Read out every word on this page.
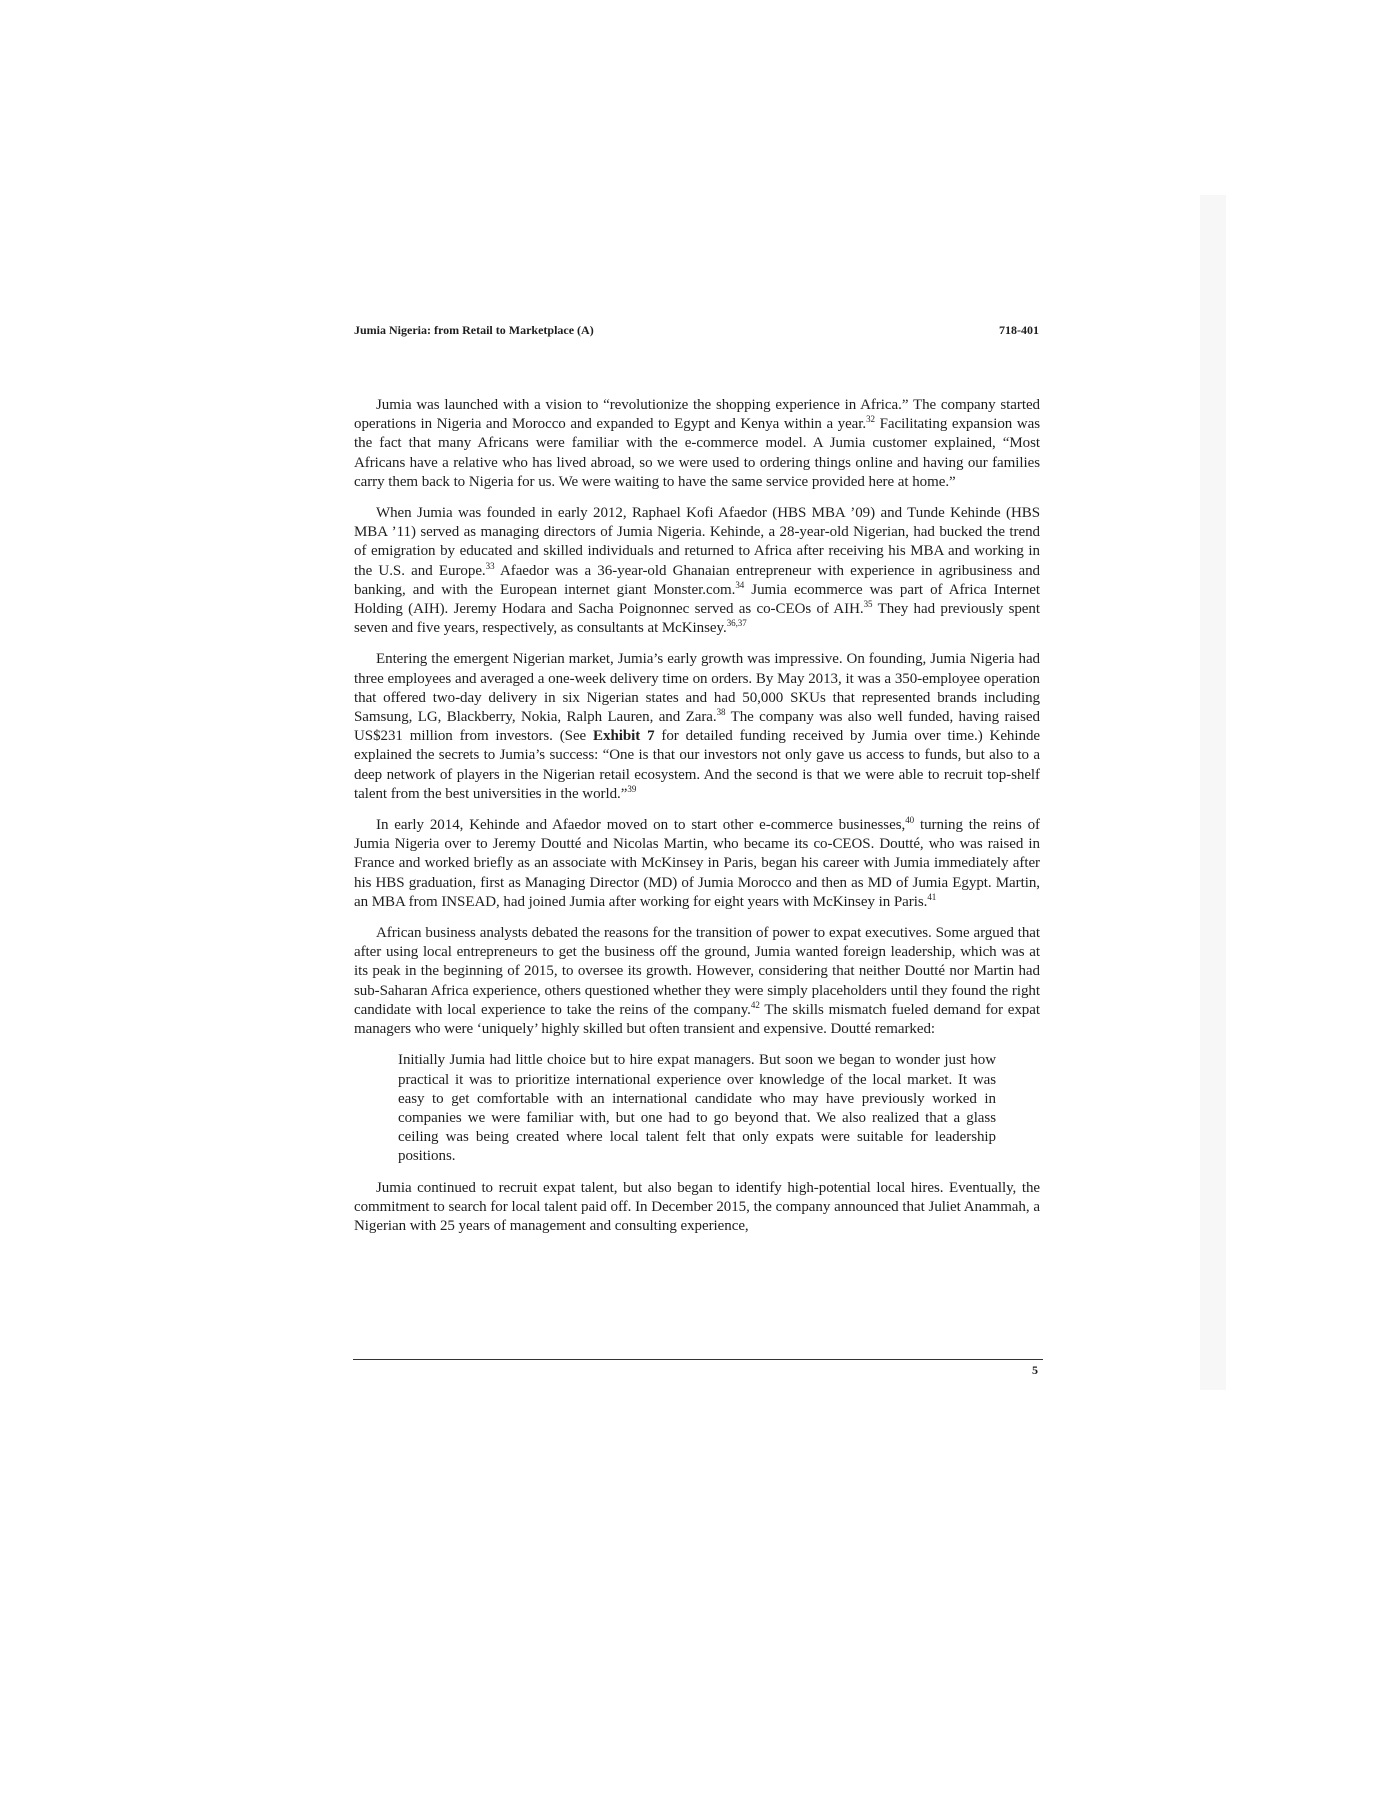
Jumia Nigeria: from Retail to Marketplace (A)	718-401

Jumia was launched with a vision to “revolutionize the shopping experience in Africa.” The company started operations in Nigeria and Morocco and expanded to Egypt and Kenya within a year.$^{32}$ Facilitating expansion was the fact that many Africans were familiar with the e-commerce model. A Jumia customer explained, “Most Africans have a relative who has lived abroad, so we were used to ordering things online and having our families carry them back to Nigeria for us. We were waiting to have the same service provided here at home.”

When Jumia was founded in early 2012, Raphael Kofi Afaedor (HBS MBA ’09) and Tunde Kehinde (HBS MBA ’11) served as managing directors of Jumia Nigeria. Kehinde, a 28-year-old Nigerian, had bucked the trend of emigration by educated and skilled individuals and returned to Africa after receiving his MBA and working in the U.S. and Europe.$^{33}$ Afaedor was a 36-year-old Ghanaian entrepreneur with experience in agribusiness and banking, and with the European internet giant Monster.com.$^{34}$ Jumia ecommerce was part of Africa Internet Holding (AIH). Jeremy Hodara and Sacha Poignonnec served as co-CEOs of AIH.$^{35}$ They had previously spent seven and five years, respectively, as consultants at McKinsey.$^{36,37}$

Entering the emergent Nigerian market, Jumia’s early growth was impressive. On founding, Jumia Nigeria had three employees and averaged a one-week delivery time on orders. By May 2013, it was a 350-employee operation that offered two-day delivery in six Nigerian states and had 50,000 SKUs that represented brands including Samsung, LG, Blackberry, Nokia, Ralph Lauren, and Zara.$^{38}$ The company was also well funded, having raised US$231 million from investors. (See Exhibit 7 for detailed funding received by Jumia over time.) Kehinde explained the secrets to Jumia’s success: “One is that our investors not only gave us access to funds, but also to a deep network of players in the Nigerian retail ecosystem. And the second is that we were able to recruit top-shelf talent from the best universities in the world.”$^{39}$

In early 2014, Kehinde and Afaedor moved on to start other e-commerce businesses,$^{40}$ turning the reins of Jumia Nigeria over to Jeremy Doutté and Nicolas Martin, who became its co-CEOS. Doutté, who was raised in France and worked briefly as an associate with McKinsey in Paris, began his career with Jumia immediately after his HBS graduation, first as Managing Director (MD) of Jumia Morocco and then as MD of Jumia Egypt. Martin, an MBA from INSEAD, had joined Jumia after working for eight years with McKinsey in Paris.$^{41}$

African business analysts debated the reasons for the transition of power to expat executives. Some argued that after using local entrepreneurs to get the business off the ground, Jumia wanted foreign leadership, which was at its peak in the beginning of 2015, to oversee its growth. However, considering that neither Doutté nor Martin had sub-Saharan Africa experience, others questioned whether they were simply placeholders until they found the right candidate with local experience to take the reins of the company.$^{42}$ The skills mismatch fueled demand for expat managers who were ‘uniquely’ highly skilled but often transient and expensive. Doutté remarked:

Initially Jumia had little choice but to hire expat managers. But soon we began to wonder just how practical it was to prioritize international experience over knowledge of the local market. It was easy to get comfortable with an international candidate who may have previously worked in companies we were familiar with, but one had to go beyond that. We also realized that a glass ceiling was being created where local talent felt that only expats were suitable for leadership positions.

Jumia continued to recruit expat talent, but also began to identify high-potential local hires. Eventually, the commitment to search for local talent paid off. In December 2015, the company announced that Juliet Anammah, a Nigerian with 25 years of management and consulting experience,

5
